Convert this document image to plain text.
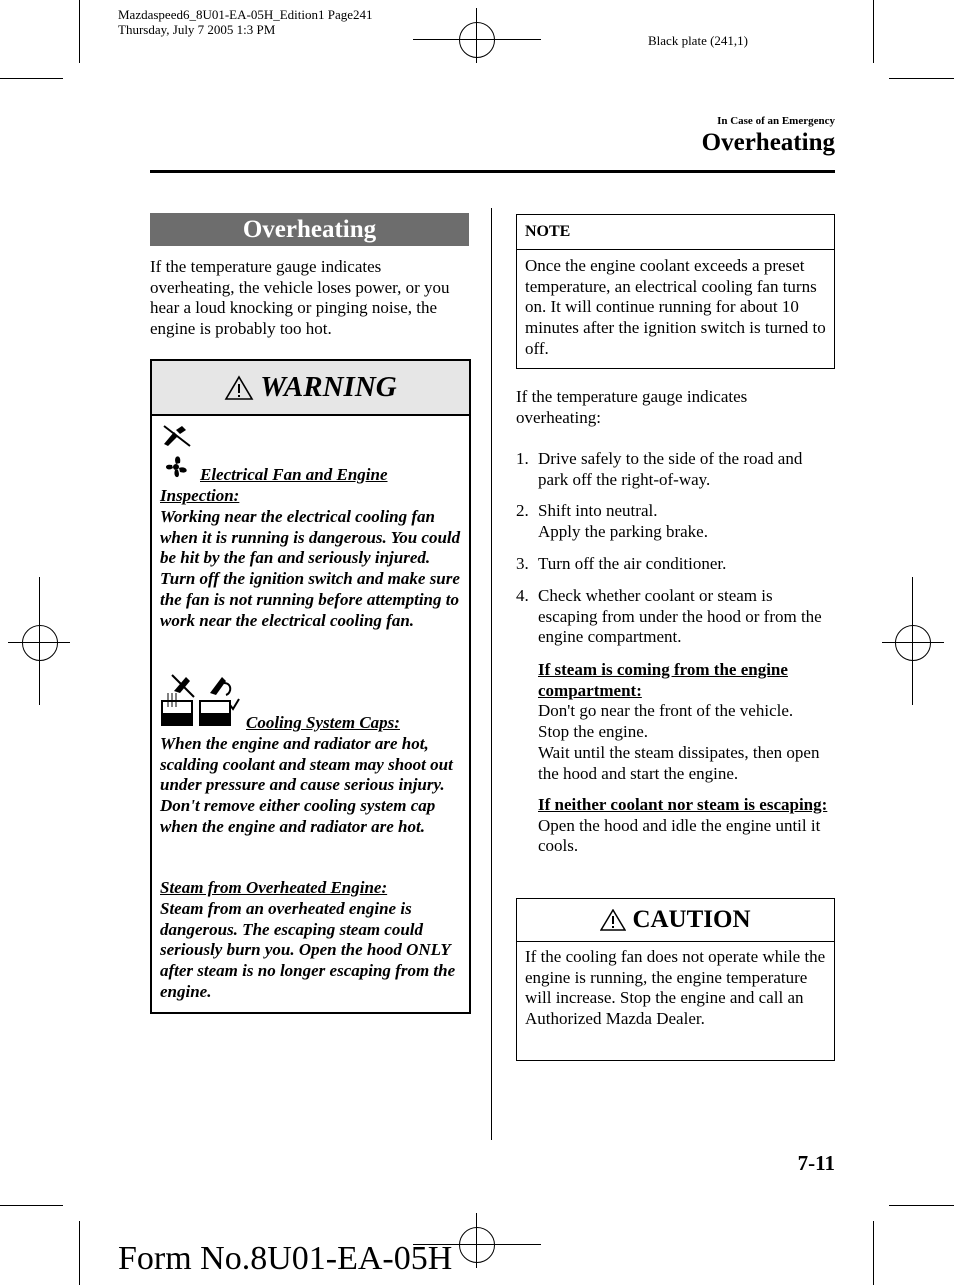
Mazdaspeed6_8U01-EA-05H_Edition1 Page241
Thursday, July 7 2005 1:3 PM
Black plate (241,1)
In Case of an Emergency
Overheating
Overheating
If the temperature gauge indicates overheating, the vehicle loses power, or you hear a loud knocking or pinging noise, the engine is probably too hot.
WARNING
Electrical Fan and Engine Inspection:
Working near the electrical cooling fan when it is running is dangerous. You could be hit by the fan and seriously injured. Turn off the ignition switch and make sure the fan is not running before attempting to work near the electrical cooling fan.
Cooling System Caps:
When the engine and radiator are hot, scalding coolant and steam may shoot out under pressure and cause serious injury. Don't remove either cooling system cap when the engine and radiator are hot.
Steam from Overheated Engine:
Steam from an overheated engine is dangerous. The escaping steam could seriously burn you. Open the hood ONLY after steam is no longer escaping from the engine.
NOTE
Once the engine coolant exceeds a preset temperature, an electrical cooling fan turns on. It will continue running for about 10 minutes after the ignition switch is turned to off.
If the temperature gauge indicates overheating:
1. Drive safely to the side of the road and park off the right-of-way.
2. Shift into neutral.
Apply the parking brake.
3. Turn off the air conditioner.
4. Check whether coolant or steam is escaping from under the hood or from the engine compartment.
If steam is coming from the engine compartment:
Don't go near the front of the vehicle.
Stop the engine.
Wait until the steam dissipates, then open the hood and start the engine.
If neither coolant nor steam is escaping:
Open the hood and idle the engine until it cools.
CAUTION
If the cooling fan does not operate while the engine is running, the engine temperature will increase. Stop the engine and call an Authorized Mazda Dealer.
7-11
Form No.8U01-EA-05H
